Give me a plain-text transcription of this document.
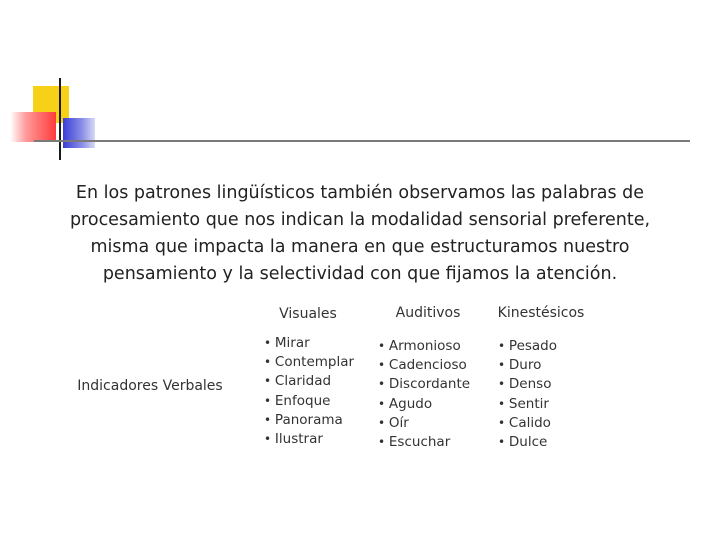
En los patrones lingüísticos también observamos las palabras de procesamiento que nos indican la modalidad sensorial preferente, misma que impacta la manera en que estructuramos nuestro pensamiento y la selectividad con que fijamos la atención.

Indicadores Verbales
Visuales
• Mirar
• Contemplar
• Claridad
• Enfoque
• Panorama
• Ilustrar
Auditivos
• Armonioso
• Cadencioso
• Discordante
• Agudo
• Oír
• Escuchar
Kinestésicos
• Pesado
• Duro
• Denso
• Sentir
• Calido
• Dulce
